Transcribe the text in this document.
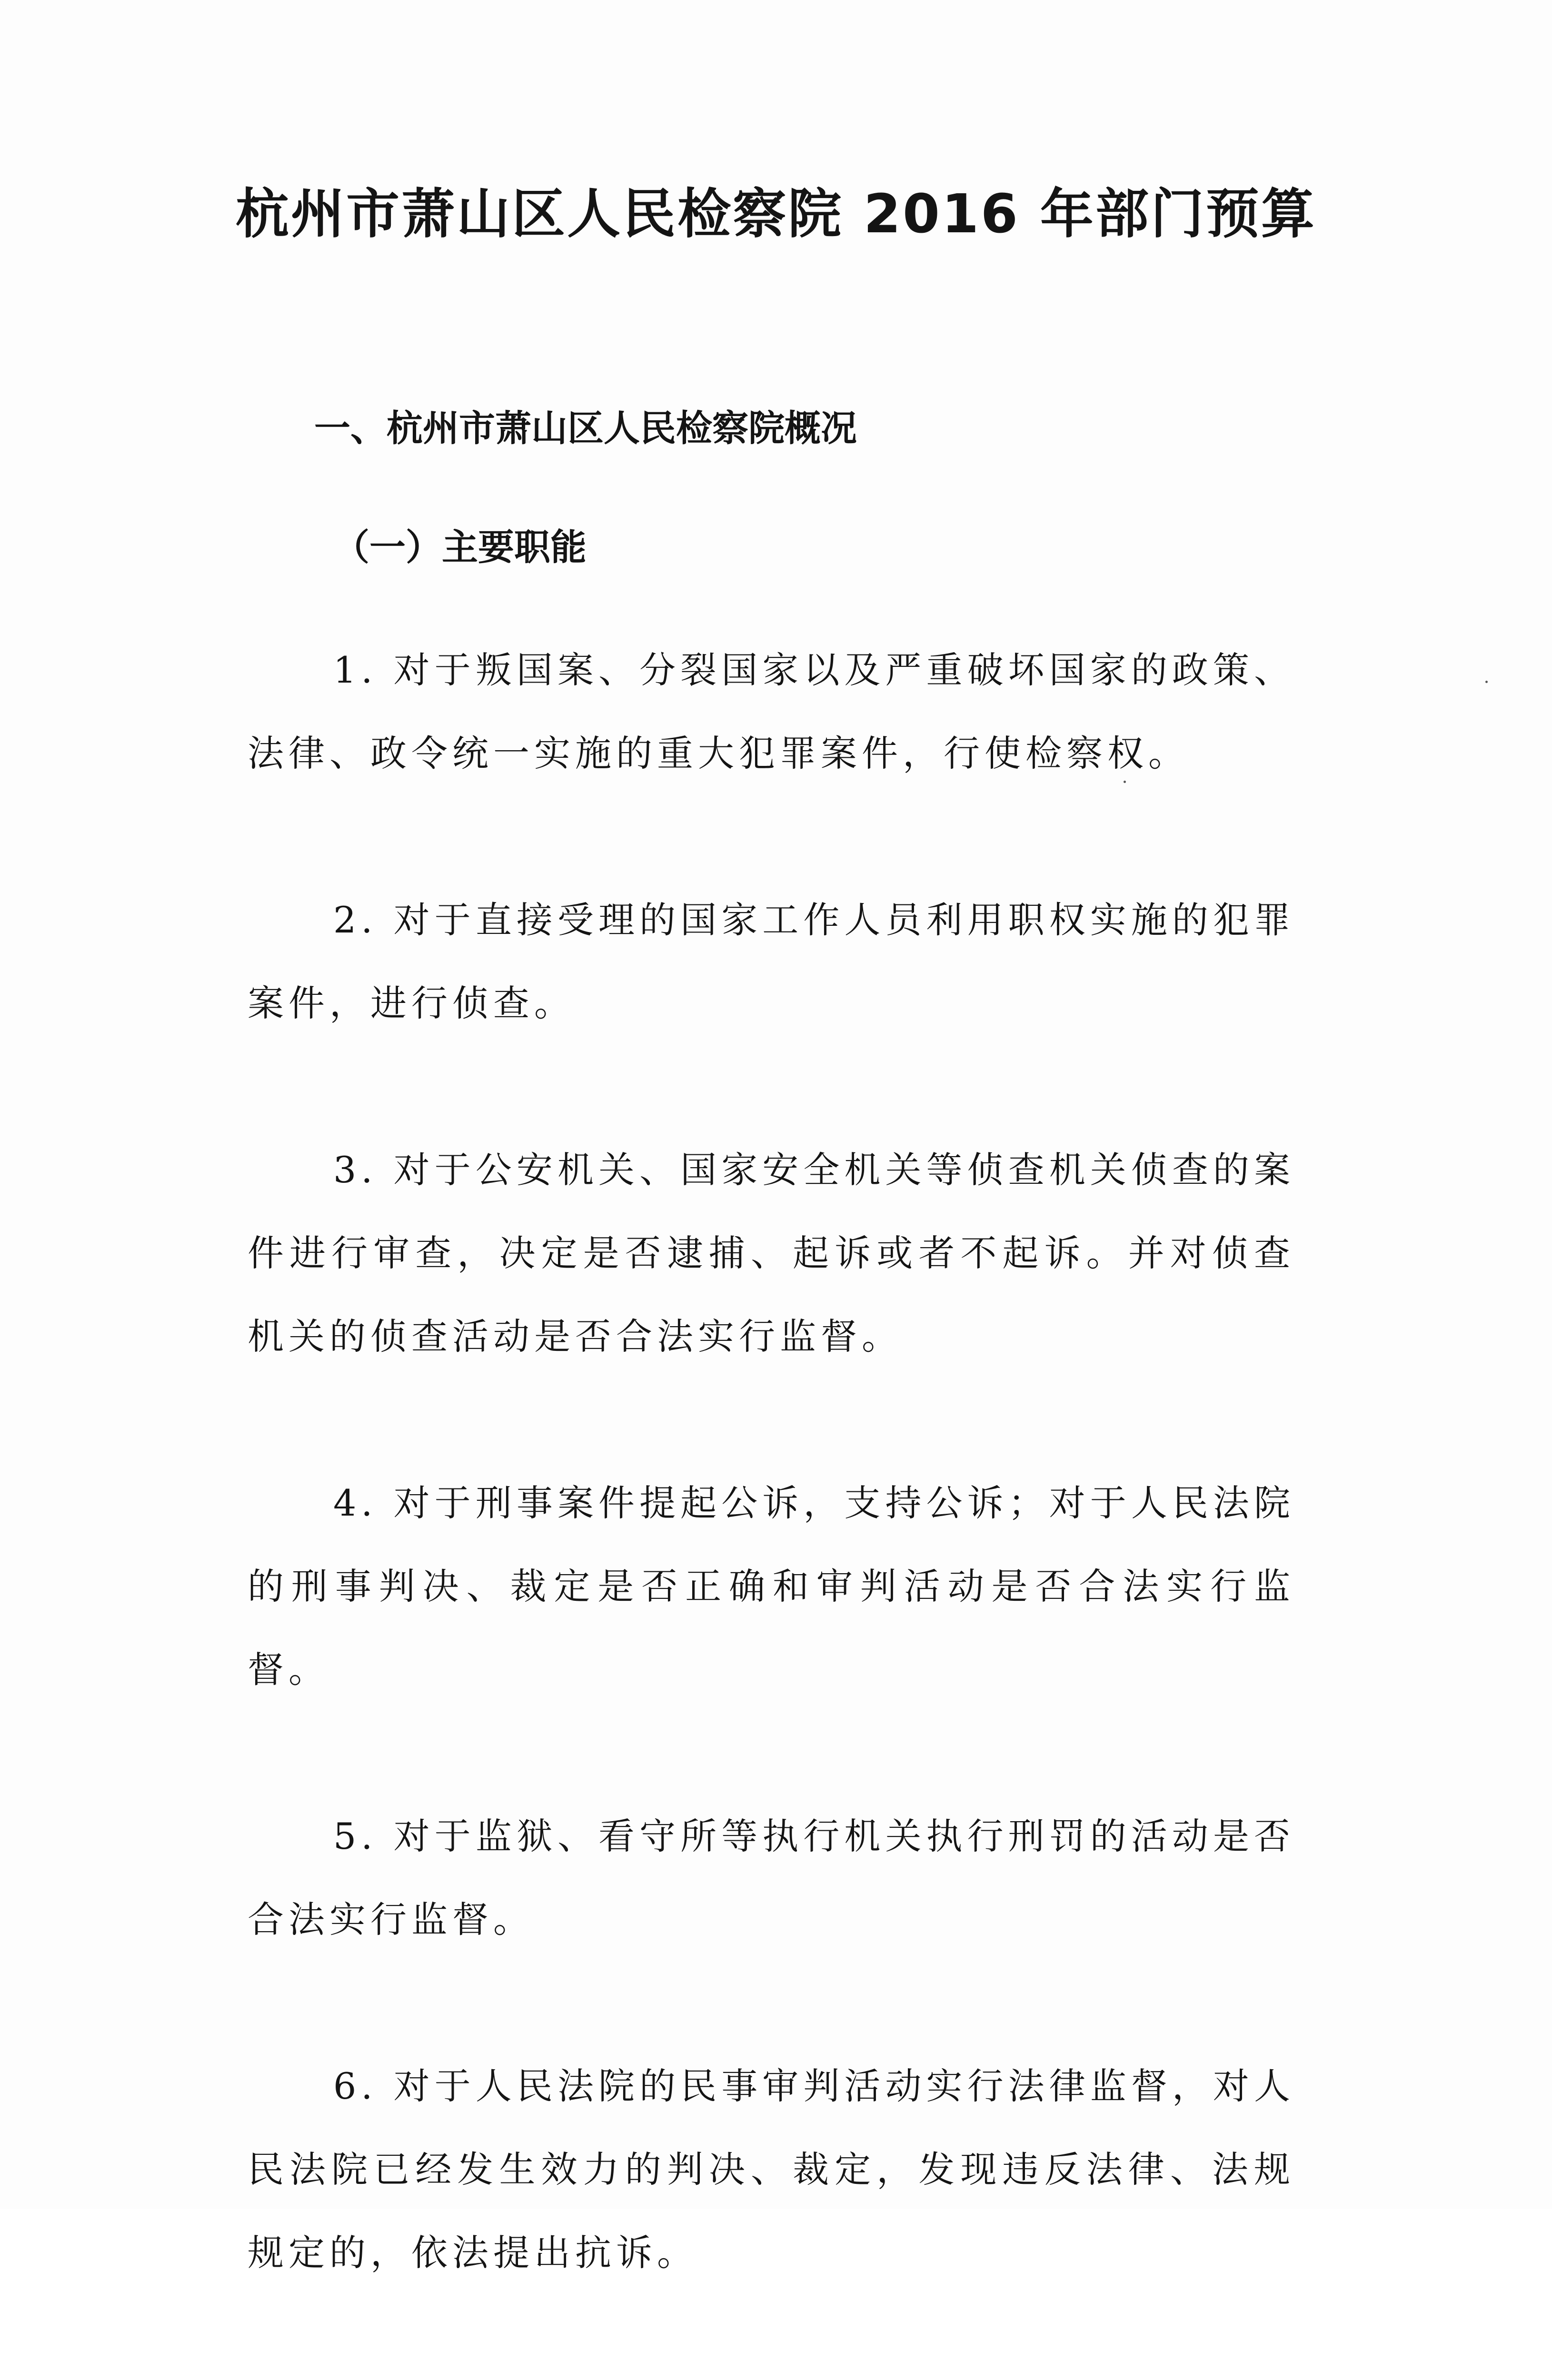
杭州市萧山区人民检察院 2016 年部门预算
一、杭州市萧山区人民检察院概况
（一）主要职能
1. 对于叛国案、分裂国家以及严重破坏国家的政策、法律、政令统一实施的重大犯罪案件，行使检察权。
2. 对于直接受理的国家工作人员利用职权实施的犯罪案件，进行侦查。
3. 对于公安机关、国家安全机关等侦查机关侦查的案件进行审查，决定是否逮捕、起诉或者不起诉。并对侦查机关的侦查活动是否合法实行监督。
4. 对于刑事案件提起公诉，支持公诉；对于人民法院的刑事判决、裁定是否正确和审判活动是否合法实行监督。
5. 对于监狱、看守所等执行机关执行刑罚的活动是否合法实行监督。
6. 对于人民法院的民事审判活动实行法律监督，对人民法院已经发生效力的判决、裁定，发现违反法律、法规规定的，依法提出抗诉。
